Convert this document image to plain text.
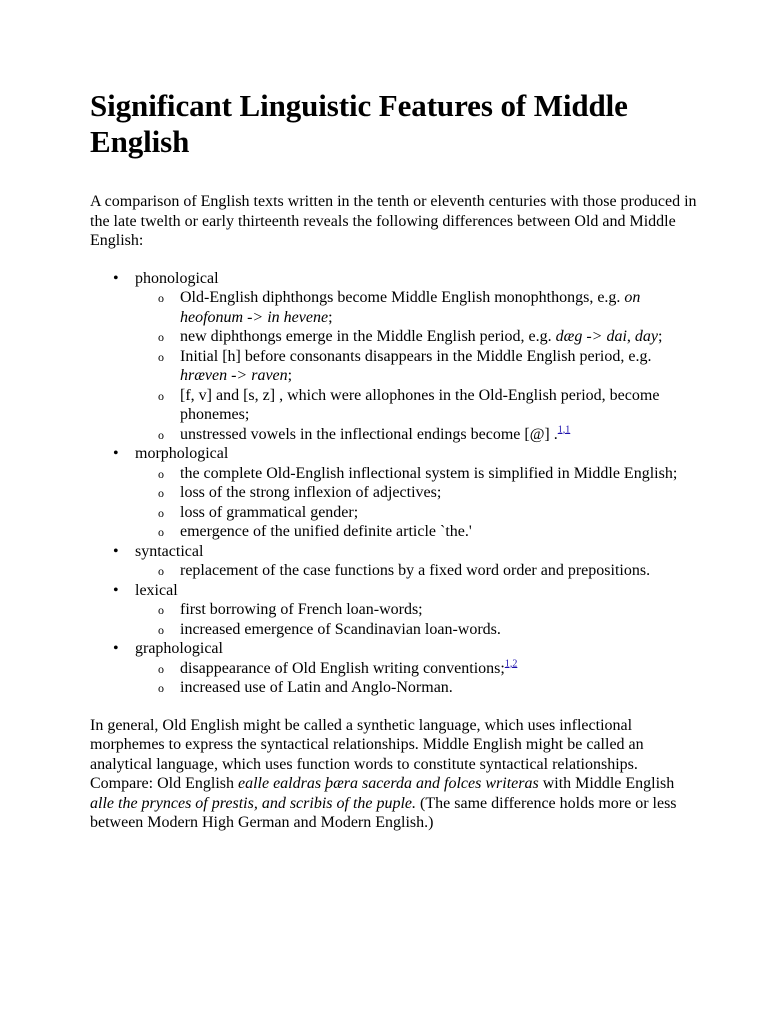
Significant Linguistic Features of Middle English

A comparison of English texts written in the tenth or eleventh centuries with those produced in the late twelth or early thirteenth reveals the following differences between Old and Middle English:

• phonological
o Old-English diphthongs become Middle English monophthongs, e.g. on heofonum -> in hevene;
o new diphthongs emerge in the Middle English period, e.g. dæg -> dai, day;
o Initial [h] before consonants disappears in the Middle English period, e.g. hræven -> raven;
o [f, v] and [s, z] , which were allophones in the Old-English period, become phonemes;
o unstressed vowels in the inflectional endings become [@] .$^{1,1}$
• morphological
o the complete Old-English inflectional system is simplified in Middle English;
o loss of the strong inflexion of adjectives;
o loss of grammatical gender;
o emergence of the unified definite article `the.'
• syntactical
o replacement of the case functions by a fixed word order and prepositions.
• lexical
o first borrowing of French loan-words;
o increased emergence of Scandinavian loan-words.
• graphological
o disappearance of Old English writing conventions;$^{1,2}$
o increased use of Latin and Anglo-Norman.

In general, Old English might be called a synthetic language, which uses inflectional morphemes to express the syntactical relationships. Middle English might be called an analytical language, which uses function words to constitute syntactical relationships. Compare: Old English ealle ealdras þæra sacerda and folces writeras with Middle English alle the prynces of prestis, and scribis of the puple. (The same difference holds more or less between Modern High German and Modern English.)
